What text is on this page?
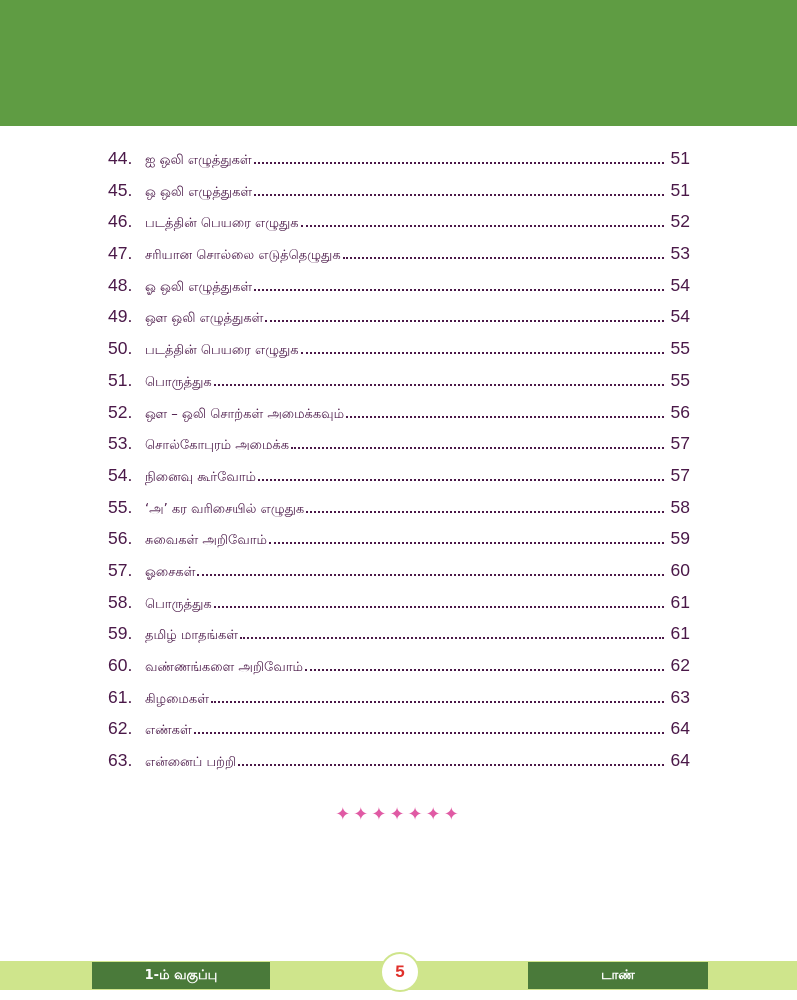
44. ஐ ஒலி எழுத்துகள்	51
45. ஒ ஒலி எழுத்துகள்	51
46. படத்தின் பெயரை எழுதுக	52
47. சரியான சொல்லை எடுத்தெழுதுக	53
48. ஓ ஒலி எழுத்துகள்	54
49. ஔ ஒலி எழுத்துகள்	54
50. படத்தின் பெயரை எழுதுக	55
51. பொருத்துக	55
52. ஔ – ஒலி சொற்கள் அமைக்கவும்	56
53. சொல்கோபுரம் அமைக்க	57
54. நினைவு கூர்வோம்	57
55. ‘அ’ கர வரிசையில் எழுதுக	58
56. சுவைகள் அறிவோம்	59
57. ஓசைகள்	60
58. பொருத்துக	61
59. தமிழ் மாதங்கள்	61
60. வண்ணங்களை அறிவோம்	62
61. கிழமைகள்	63
62. எண்கள்	64
63. என்னைப் பற்றி	64
✦✦✦✦✦✦✦
1-ம் வகுப்பு	டாண்
5
